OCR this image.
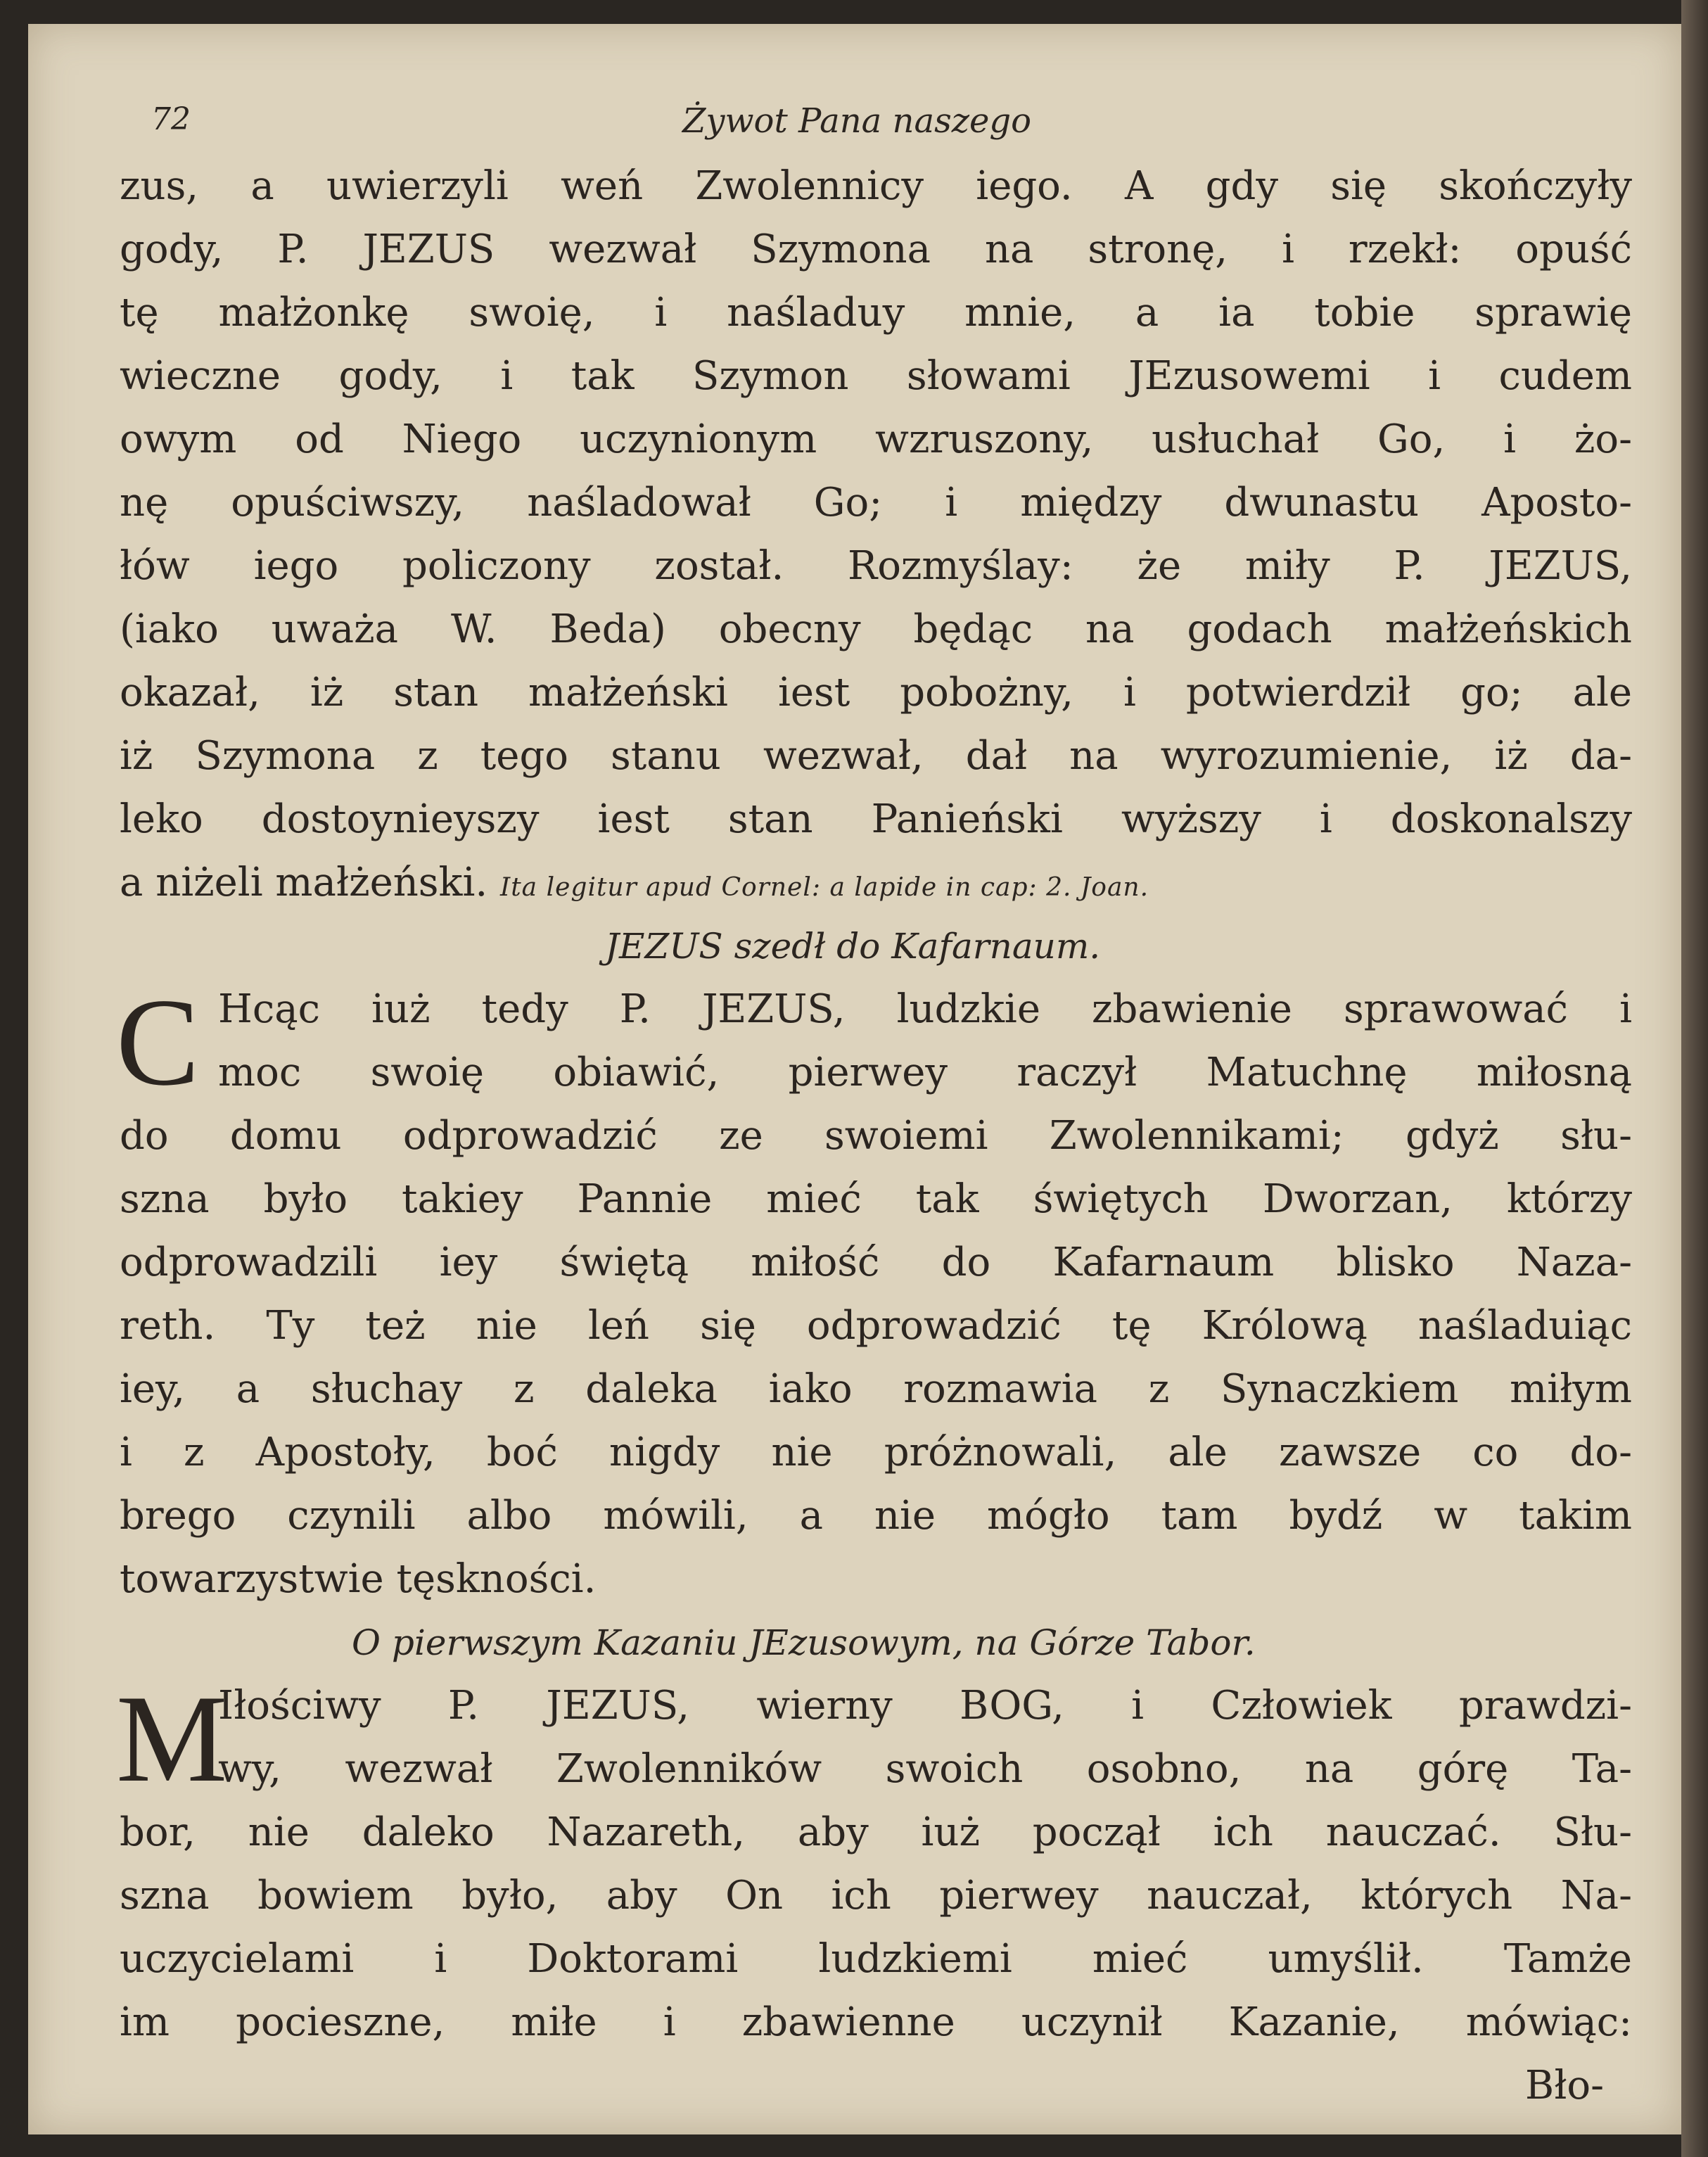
72	Żywot Pana naszego
zus, a uwierzyli weń Zwolennicy iego. A gdy się skończyły
gody, P. JEZUS wezwał Szymona na stronę, i rzekł: opuść
tę małżonkę swoię, i naśladuy mnie, a ia tobie sprawię
wieczne gody, i tak Szymon słowami JEzusowemi i cudem
owym od Niego uczynionym wzruszony, usłuchał Go, i żo-
nę opuściwszy, naśladował Go; i między dwunastu Aposto-
łów iego policzony został. Rozmyślay: że miły P. JEZUS,
(iako uważa W. Beda) obecny będąc na godach małżeńskich
okazał, iż stan małżeński iest pobożny, i potwierdził go; ale
iż Szymona z tego stanu wezwał, dał na wyrozumienie, iż da-
leko dostoynieyszy iest stan Panieński wyższy i doskonalszy
a niżeli małżeński. Ita legitur apud Cornel: a lapide in cap: 2. Joan.
JEZUS szedł do Kafarnaum.
C Hcąc iuż tedy P. JEZUS, ludzkie zbawienie sprawować i
moc swoię obiawić, pierwey raczył Matuchnę miłosną
do domu odprowadzić ze swoiemi Zwolennikami; gdyż słu-
szna było takiey Pannie mieć tak świętych Dworzan, którzy
odprowadzili iey świętą miłość do Kafarnaum blisko Naza-
reth. Ty też nie leń się odprowadzić tę Królową naśladuiąc
iey, a słuchay z daleka iako rozmawia z Synaczkiem miłym
i z Apostoły, boć nigdy nie próżnowali, ale zawsze co do-
brego czynili albo mówili, a nie mógło tam bydź w takim
towarzystwie tęskności.
O pierwszym Kazaniu JEzusowym, na Górze Tabor.
M
Iłościwy P. JEZUS, wierny BOG, i Człowiek prawdzi-
wy, wezwał Zwolenników swoich osobno, na górę Ta-
bor, nie daleko Nazareth, aby iuż począł ich nauczać. Słu-
szna bowiem było, aby On ich pierwey nauczał, których Na-
uczycielami i Doktorami ludzkiemi mieć umyślił. Tamże
im pocieszne, miłe i zbawienne uczynił Kazanie, mówiąc:
Bło-
